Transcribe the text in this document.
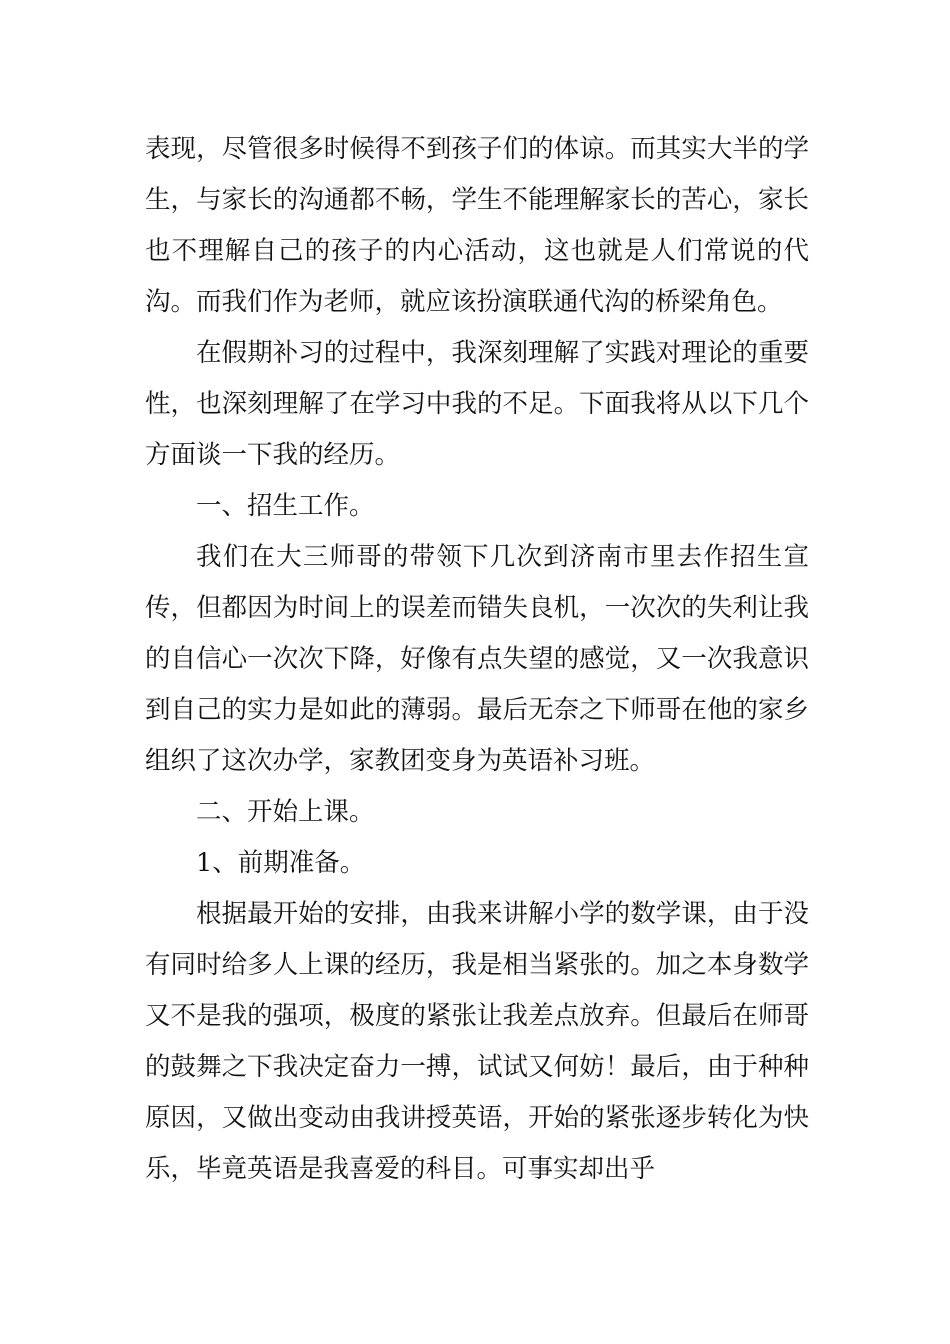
表现，尽管很多时候得不到孩子们的体谅。而其实大半的学生，与家长的沟通都不畅，学生不能理解家长的苦心，家长也不理解自己的孩子的内心活动，这也就是人们常说的代沟。而我们作为老师，就应该扮演联通代沟的桥梁角色。

在假期补习的过程中，我深刻理解了实践对理论的重要性，也深刻理解了在学习中我的不足。下面我将从以下几个方面谈一下我的经历。

一、招生工作。

我们在大三师哥的带领下几次到济南市里去作招生宣传，但都因为时间上的误差而错失良机，一次次的失利让我的自信心一次次下降，好像有点失望的感觉，又一次我意识到自己的实力是如此的薄弱。最后无奈之下师哥在他的家乡组织了这次办学，家教团变身为英语补习班。

二、开始上课。

1、前期准备。

根据最开始的安排，由我来讲解小学的数学课，由于没有同时给多人上课的经历，我是相当紧张的。加之本身数学又不是我的强项，极度的紧张让我差点放弃。但最后在师哥的鼓舞之下我决定奋力一搏，试试又何妨！最后，由于种种原因，又做出变动由我讲授英语，开始的紧张逐步转化为快乐，毕竟英语是我喜爱的科目。可事实却出乎
